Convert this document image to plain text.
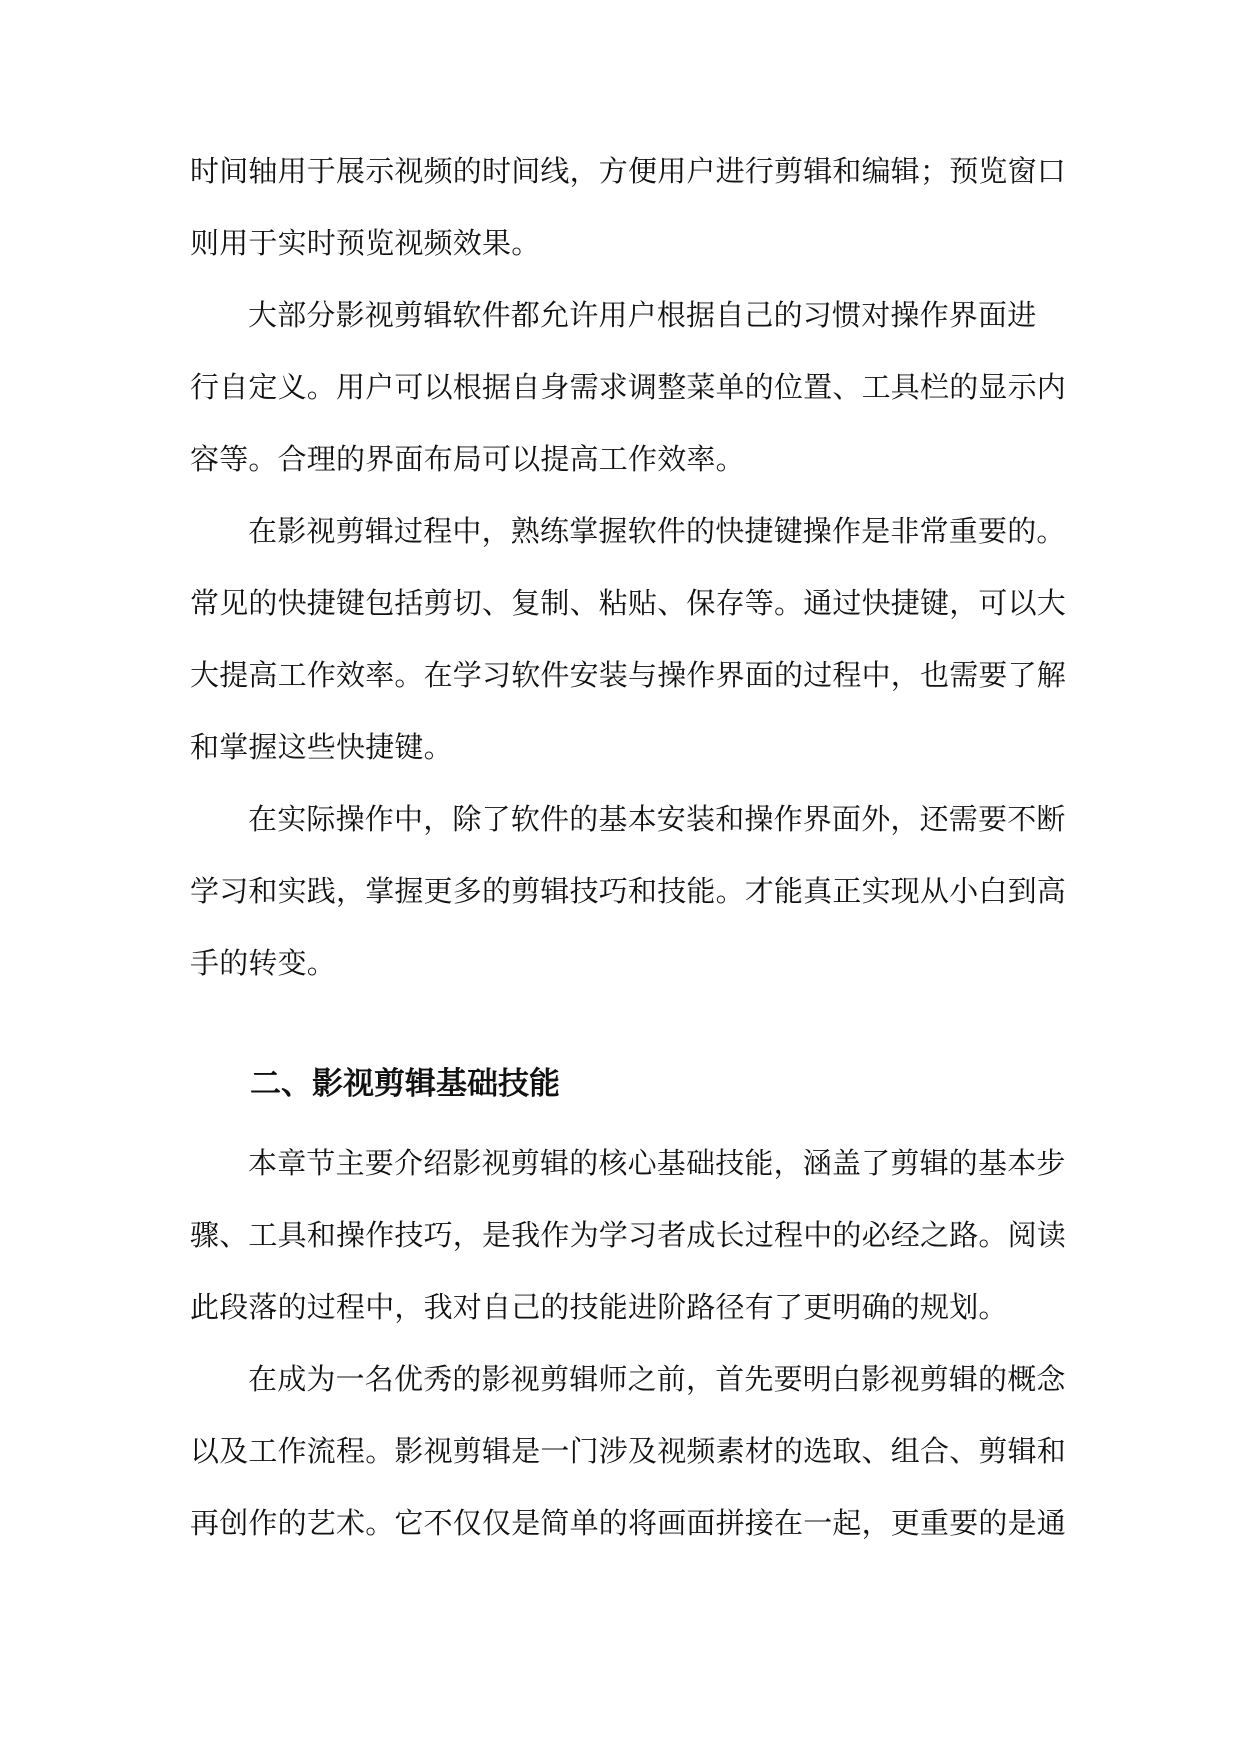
时间轴用于展示视频的时间线，方便用户进行剪辑和编辑；预览窗口
则用于实时预览视频效果。
大部分影视剪辑软件都允许用户根据自己的习惯对操作界面进
行自定义。用户可以根据自身需求调整菜单的位置、工具栏的显示内
容等。合理的界面布局可以提高工作效率。
在影视剪辑过程中，熟练掌握软件的快捷键操作是非常重要的。
常见的快捷键包括剪切、复制、粘贴、保存等。通过快捷键，可以大
大提高工作效率。在学习软件安装与操作界面的过程中，也需要了解
和掌握这些快捷键。
在实际操作中，除了软件的基本安装和操作界面外，还需要不断
学习和实践，掌握更多的剪辑技巧和技能。才能真正实现从小白到高
手的转变。
二、影视剪辑基础技能
本章节主要介绍影视剪辑的核心基础技能，涵盖了剪辑的基本步
骤、工具和操作技巧，是我作为学习者成长过程中的必经之路。阅读
此段落的过程中，我对自己的技能进阶路径有了更明确的规划。
在成为一名优秀的影视剪辑师之前，首先要明白影视剪辑的概念
以及工作流程。影视剪辑是一门涉及视频素材的选取、组合、剪辑和
再创作的艺术。它不仅仅是简单的将画面拼接在一起，更重要的是通
